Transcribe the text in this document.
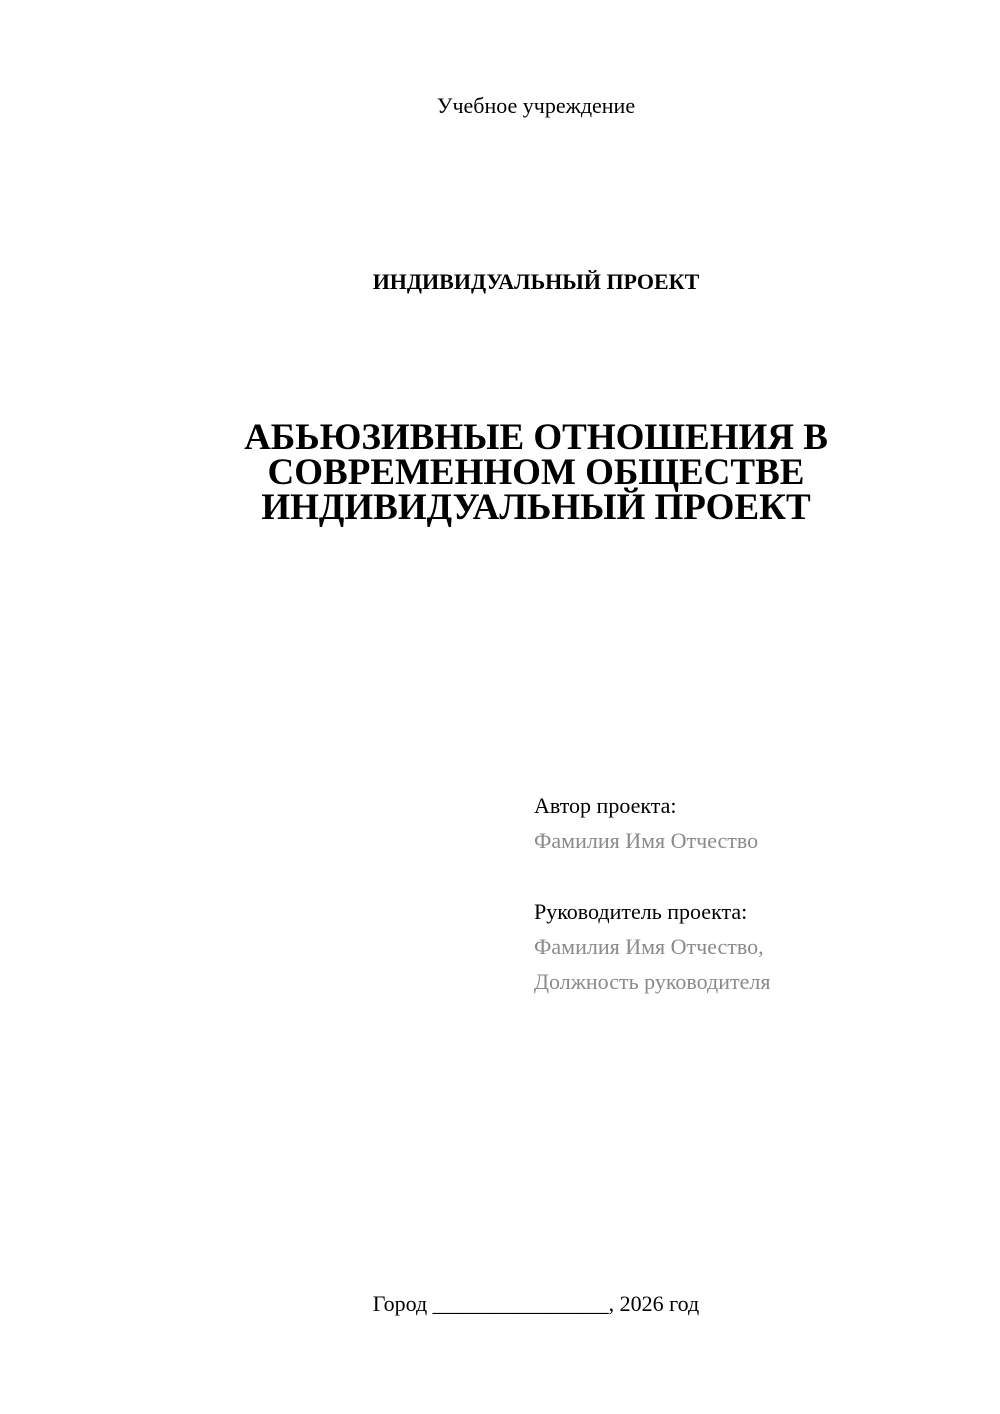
Учебное учреждение
ИНДИВИДУАЛЬНЫЙ ПРОЕКТ
АБЬЮЗИВНЫЕ ОТНОШЕНИЯ В
СОВРЕМЕННОМ ОБЩЕСТВЕ
ИНДИВИДУАЛЬНЫЙ ПРОЕКТ
Автор проекта:
Фамилия Имя Отчество
Руководитель проекта:
Фамилия Имя Отчество,
Должность руководителя
Город ________________, 2026 год
